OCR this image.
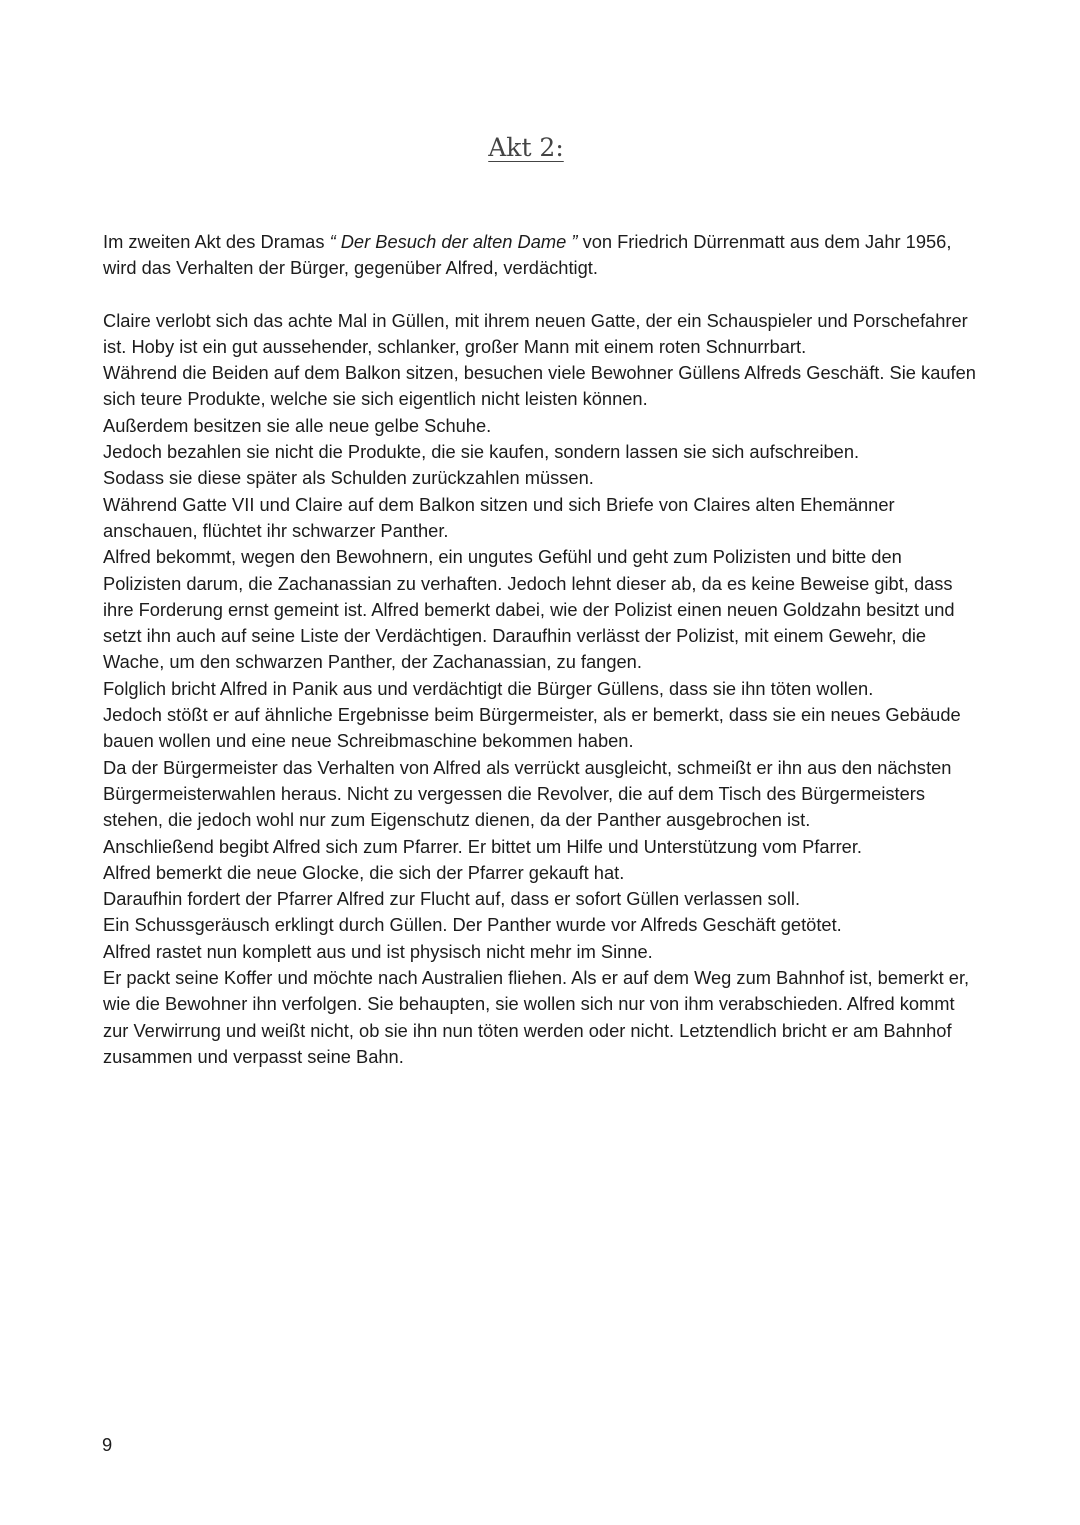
Akt 2:

Im zweiten Akt des Dramas “ Der Besuch der alten Dame ” von Friedrich Dürrenmatt aus dem Jahr 1956, wird das Verhalten der Bürger, gegenüber Alfred, verdächtigt.

Claire verlobt sich das achte Mal in Güllen, mit ihrem neuen Gatte, der ein Schauspieler und Porschefahrer ist. Hoby ist ein gut aussehender, schlanker, großer Mann mit einem roten Schnurrbart.

Während die Beiden auf dem Balkon sitzen, besuchen viele Bewohner Güllens Alfreds Geschäft. Sie kaufen sich teure Produkte, welche sie sich eigentlich nicht leisten können.

Außerdem besitzen sie alle neue gelbe Schuhe.

Jedoch bezahlen sie nicht die Produkte, die sie kaufen, sondern lassen sie sich aufschreiben.

Sodass sie diese später als Schulden zurückzahlen müssen.

Während Gatte VII und Claire auf dem Balkon sitzen und sich Briefe von Claires alten Ehemänner anschauen, flüchtet ihr schwarzer Panther.

Alfred bekommt, wegen den Bewohnern, ein ungutes Gefühl und geht zum Polizisten und bitte den Polizisten darum, die Zachanassian zu verhaften. Jedoch lehnt dieser ab, da es keine Beweise gibt, dass ihre Forderung ernst gemeint ist. Alfred bemerkt dabei, wie der Polizist einen neuen Goldzahn besitzt und setzt ihn auch auf seine Liste der Verdächtigen. Daraufhin verlässt der Polizist, mit einem Gewehr, die Wache, um den schwarzen Panther, der Zachanassian, zu fangen.

Folglich bricht Alfred in Panik aus und verdächtigt die Bürger Güllens, dass sie ihn töten wollen.

Jedoch stößt er auf ähnliche Ergebnisse beim Bürgermeister, als er bemerkt, dass sie ein neues Gebäude bauen wollen und eine neue Schreibmaschine bekommen haben.

Da der Bürgermeister das Verhalten von Alfred als verrückt ausgleicht, schmeißt er ihn aus den nächsten Bürgermeisterwahlen heraus. Nicht zu vergessen die Revolver, die auf dem Tisch des Bürgermeisters stehen, die jedoch wohl nur zum Eigenschutz dienen, da der Panther ausgebrochen ist.

Anschließend begibt Alfred sich zum Pfarrer. Er bittet um Hilfe und Unterstützung vom Pfarrer.

Alfred bemerkt die neue Glocke, die sich der Pfarrer gekauft hat.

Daraufhin fordert der Pfarrer Alfred zur Flucht auf, dass er sofort Güllen verlassen soll.

Ein Schussgeräusch erklingt durch Güllen. Der Panther wurde vor Alfreds Geschäft getötet.

Alfred rastet nun komplett aus und ist physisch nicht mehr im Sinne.

Er packt seine Koffer und möchte nach Australien fliehen. Als er auf dem Weg zum Bahnhof ist, bemerkt er, wie die Bewohner ihn verfolgen. Sie behaupten, sie wollen sich nur von ihm verabschieden. Alfred kommt zur Verwirrung und weißt nicht, ob sie ihn nun töten werden oder nicht. Letztendlich bricht er am Bahnhof zusammen und verpasst seine Bahn.

9
